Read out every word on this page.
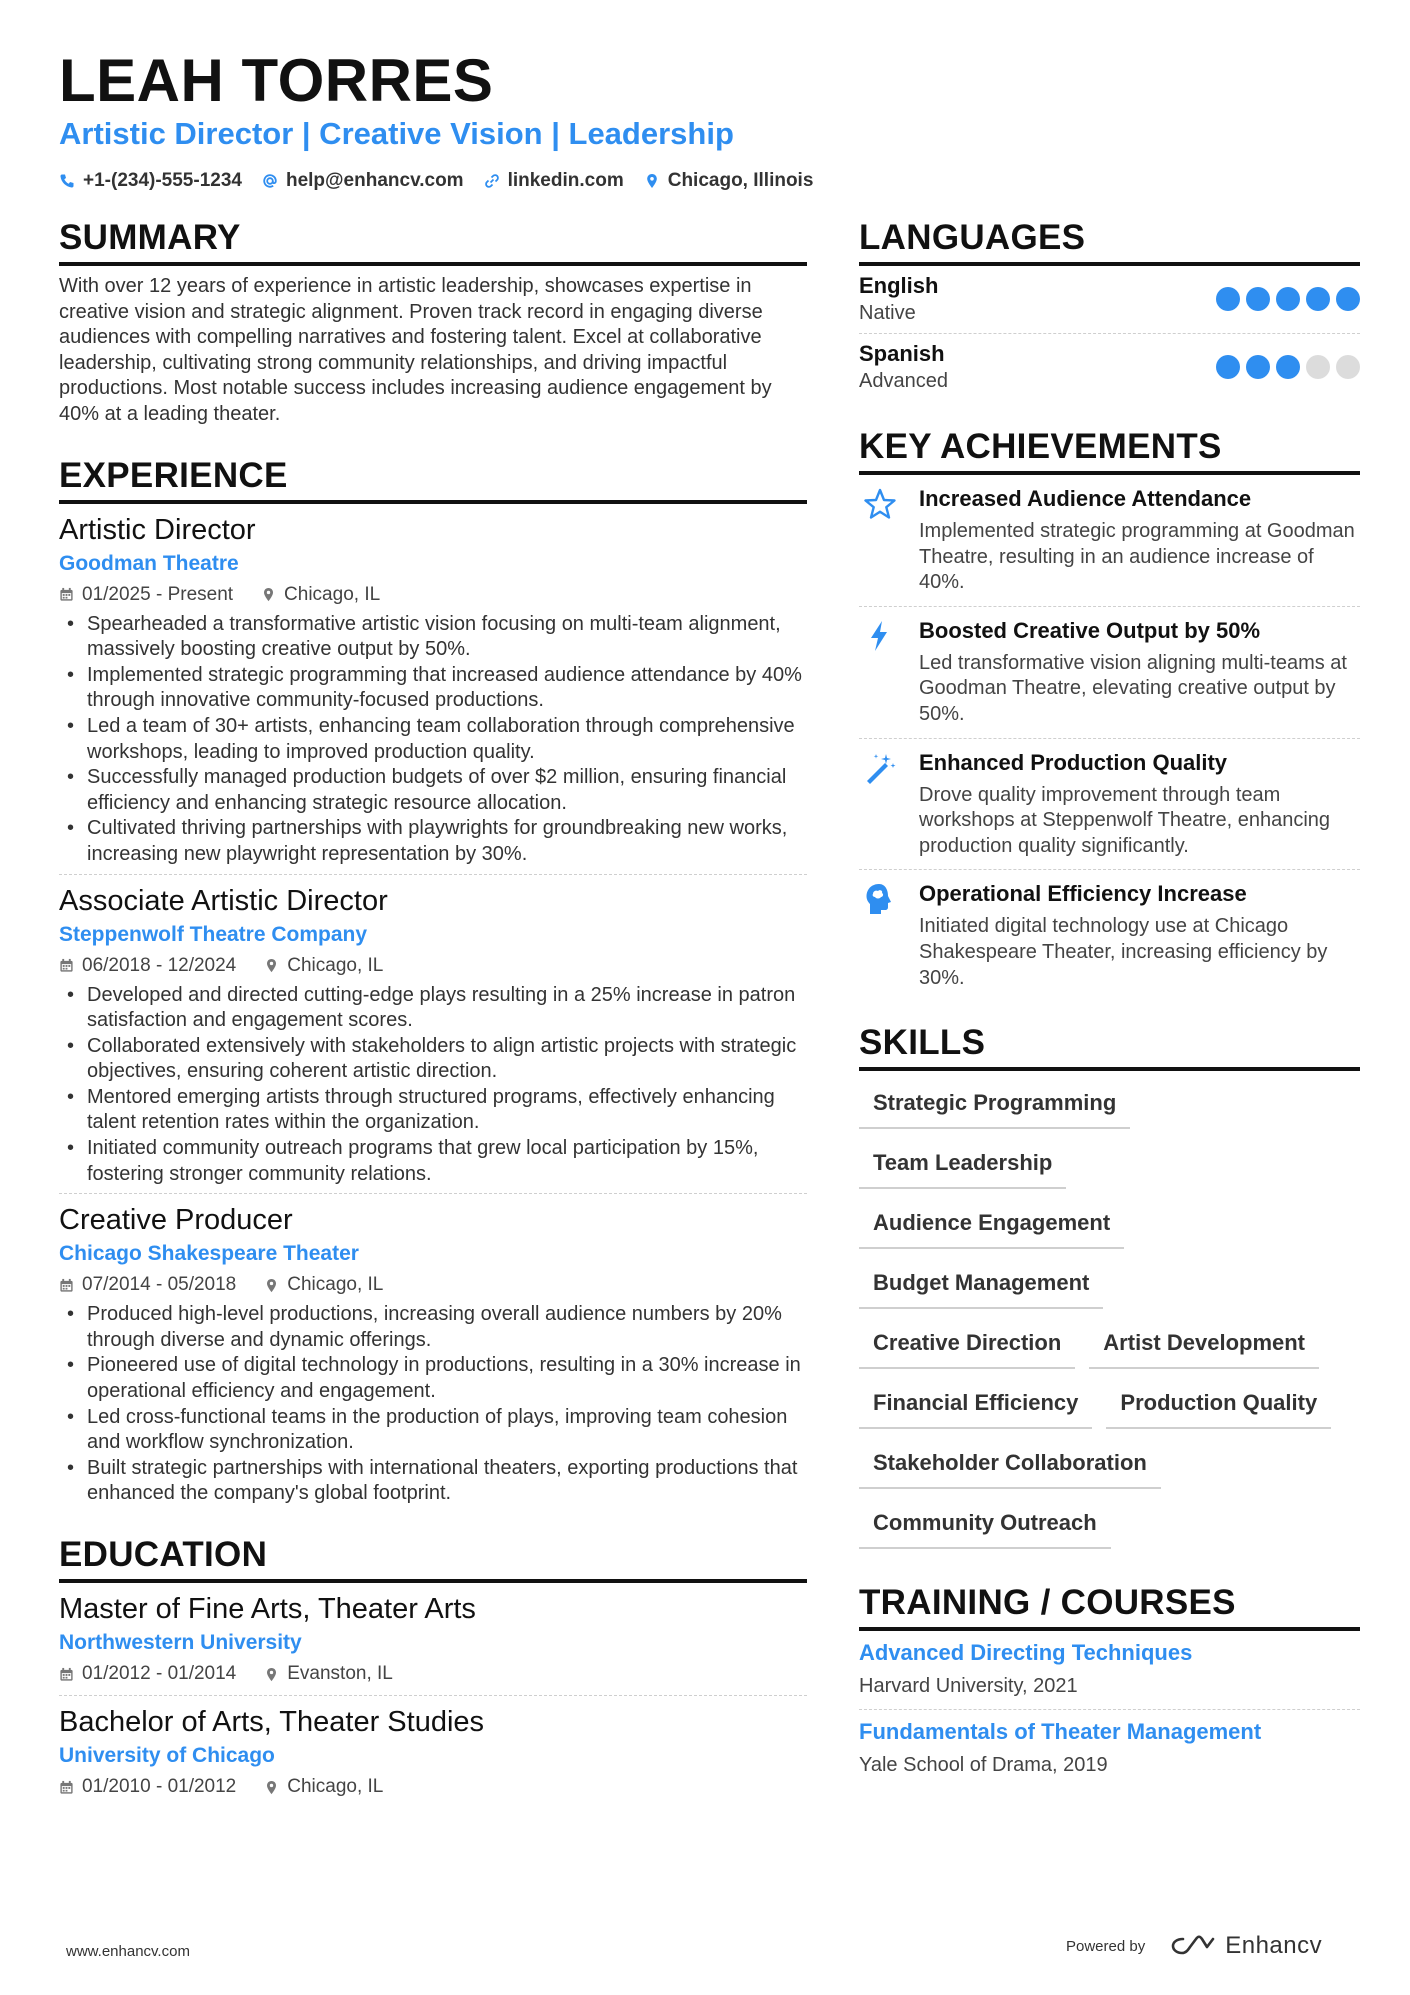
LEAH TORRES
Artistic Director | Creative Vision | Leadership
+1-(234)-555-1234 help@enhancv.com linkedin.com Chicago, Illinois
SUMMARY
With over 12 years of experience in artistic leadership, showcases expertise in creative vision and strategic alignment. Proven track record in engaging diverse audiences with compelling narratives and fostering talent. Excel at collaborative leadership, cultivating strong community relationships, and driving impactful productions. Most notable success includes increasing audience engagement by 40% at a leading theater.
EXPERIENCE
Artistic Director
Goodman Theatre
01/2025 - Present	Chicago, IL
• Spearheaded a transformative artistic vision focusing on multi-team alignment, massively boosting creative output by 50%.
• Implemented strategic programming that increased audience attendance by 40% through innovative community-focused productions.
• Led a team of 30+ artists, enhancing team collaboration through comprehensive workshops, leading to improved production quality.
• Successfully managed production budgets of over $2 million, ensuring financial efficiency and enhancing strategic resource allocation.
• Cultivated thriving partnerships with playwrights for groundbreaking new works, increasing new playwright representation by 30%.
Associate Artistic Director
Steppenwolf Theatre Company
06/2018 - 12/2024	Chicago, IL
• Developed and directed cutting-edge plays resulting in a 25% increase in patron satisfaction and engagement scores.
• Collaborated extensively with stakeholders to align artistic projects with strategic objectives, ensuring coherent artistic direction.
• Mentored emerging artists through structured programs, effectively enhancing talent retention rates within the organization.
• Initiated community outreach programs that grew local participation by 15%, fostering stronger community relations.
Creative Producer
Chicago Shakespeare Theater
07/2014 - 05/2018	Chicago, IL
• Produced high-level productions, increasing overall audience numbers by 20% through diverse and dynamic offerings.
• Pioneered use of digital technology in productions, resulting in a 30% increase in operational efficiency and engagement.
• Led cross-functional teams in the production of plays, improving team cohesion and workflow synchronization.
• Built strategic partnerships with international theaters, exporting productions that enhanced the company's global footprint.
EDUCATION
Master of Fine Arts, Theater Arts
Northwestern University
01/2012 - 01/2014	Evanston, IL
Bachelor of Arts, Theater Studies
University of Chicago
01/2010 - 01/2012	Chicago, IL
LANGUAGES
English
Native
Spanish
Advanced
KEY ACHIEVEMENTS
Increased Audience Attendance
Implemented strategic programming at Goodman Theatre, resulting in an audience increase of 40%.
Boosted Creative Output by 50%
Led transformative vision aligning multi-teams at Goodman Theatre, elevating creative output by 50%.
Enhanced Production Quality
Drove quality improvement through team workshops at Steppenwolf Theatre, enhancing production quality significantly.
Operational Efficiency Increase
Initiated digital technology use at Chicago Shakespeare Theater, increasing efficiency by 30%.
SKILLS
Strategic Programming
Team Leadership
Audience Engagement
Budget Management
Creative Direction	Artist Development
Financial Efficiency	Production Quality
Stakeholder Collaboration
Community Outreach
TRAINING / COURSES
Advanced Directing Techniques
Harvard University, 2021
Fundamentals of Theater Management
Yale School of Drama, 2019
www.enhancv.com	Powered by	Enhancv
